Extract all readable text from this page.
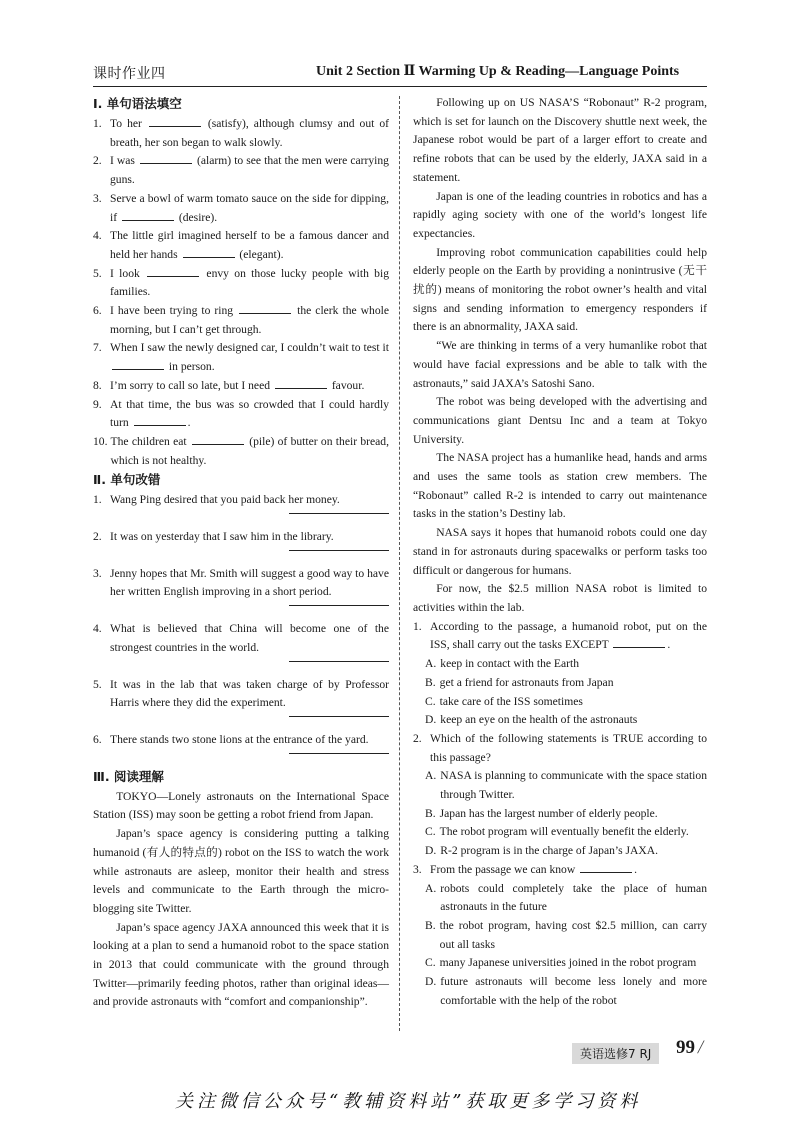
课时作业四	Unit 2 Section Ⅱ Warming Up & Reading—Language Points
Ⅰ. 单句语法填空
1. To her	(satisfy), although clumsy and out of breath, her son began to walk slowly.
2. I was	(alarm) to see that the men were carrying guns.
3. Serve a bowl of warm tomato sauce on the side for dipping, if	(desire).
4. The little girl imagined herself to be a famous dancer and held her hands	(elegant).
5. I look	envy on those lucky people with big families.
6. I have been trying to ring	the clerk the whole morning, but I can’t get through.
7. When I saw the newly designed car, I couldn’t wait to test it  in person.
8. I’m sorry to call so late, but I need	favour.
9. At that time, the bus was so crowded that I could hardly turn	.
10. The children eat	(pile) of butter on their bread, which is not healthy.
Ⅱ. 单句改错
1. Wang Ping desired that you paid back her money.
2. It was on yesterday that I saw him in the library.
3. Jenny hopes that Mr. Smith will suggest a good way to have her written English improving in a short period.
4. What is believed that China will become one of the strongest countries in the world.
5. It was in the lab that was taken charge of by Professor Harris where they did the experiment.
6. There stands two stone lions at the entrance of the yard.
Ⅲ. 阅读理解
TOKYO—Lonely astronauts on the International Space Station (ISS) may soon be getting a robot friend from Japan.
Japan’s space agency is considering putting a talking humanoid (有人的特点的) robot on the ISS to watch the work while astronauts are asleep, monitor their health and stress levels and communicate to the Earth through the micro-blogging site Twitter.
Japan’s space agency JAXA announced this week that it is looking at a plan to send a humanoid robot to the space station in 2013 that could communicate with the ground through Twitter—primarily feeding photos, rather than original ideas—and provide astronauts with “comfort and companionship”.
Following up on US NASA’S “Robonaut” R-2 program, which is set for launch on the Discovery shuttle next week, the Japanese robot would be part of a larger effort to create and refine robots that can be used by the elderly, JAXA said in a statement.
Japan is one of the leading countries in robotics and has a rapidly aging society with one of the world’s longest life expectancies.
Improving robot communication capabilities could help elderly people on the Earth by providing a nonintrusive (无干扰的) means of monitoring the robot owner’s health and vital signs and sending information to emergency responders if there is an abnormality, JAXA said.
“We are thinking in terms of a very humanlike robot that would have facial expressions and be able to talk with the astronauts,” said JAXA’s Satoshi Sano.
The robot was being developed with the advertising and communications giant Dentsu Inc and a team at Tokyo University.
The NASA project has a humanlike head, hands and arms and uses the same tools as station crew members. The “Robonaut” called R-2 is intended to carry out maintenance tasks in the station’s Destiny lab.
NASA says it hopes that humanoid robots could one day stand in for astronauts during spacewalks or perform tasks too difficult or dangerous for humans.
For now, the $2.5 million NASA robot is limited to activities within the lab.
1. According to the passage, a humanoid robot, put on the ISS, shall carry out the tasks EXCEPT	.
A. keep in contact with the Earth
B. get a friend for astronauts from Japan
C. take care of the ISS sometimes
D. keep an eye on the health of the astronauts
2. Which of the following statements is TRUE according to this passage?
A. NASA is planning to communicate with the space station through Twitter.
B. Japan has the largest number of elderly people.
C. The robot program will eventually benefit the elderly.
D. R-2 program is in the charge of Japan’s JAXA.
3. From the passage we can know	.
A. robots could completely take the place of human astronauts in the future
B. the robot program, having cost $2.5 million, can carry out all tasks
C. many Japanese universities joined in the robot program
D. future astronauts will become less lonely and more comfortable with the help of the robot
英语选修7 RJ	99 /
关注微信公众号“教辅资料站”获取更多学习资料
